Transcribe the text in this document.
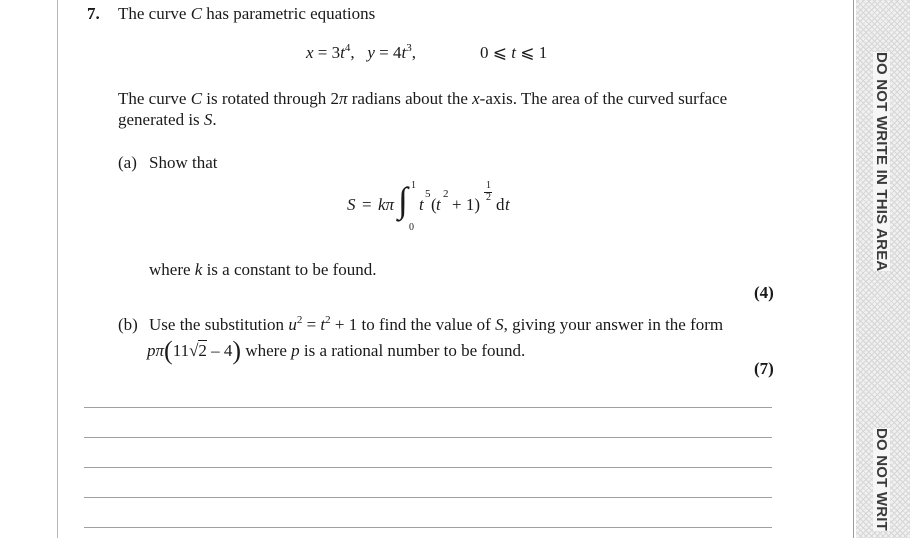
DO NOT WRITE IN THIS AREA
DO NOT WRIT
7. The curve C has parametric equations
$x = 3t^4$, $y = 4t^3$,	0 ⩽ t ⩽ 1
The curve C is rotated through 2π radians about the x-axis. The area of the curved surface
generated is S.
(a) Show that
S = kπ ∫ 1
0
t
5
( t
2
+ 1)
1
2 d t
where k is a constant to be found.
(4)
(b) Use the substitution $u^2 = t^2 + 1$ to find the value of S, giving your answer in the form
pπ(11√2 – 4) where p is a rational number to be found.
(7)
